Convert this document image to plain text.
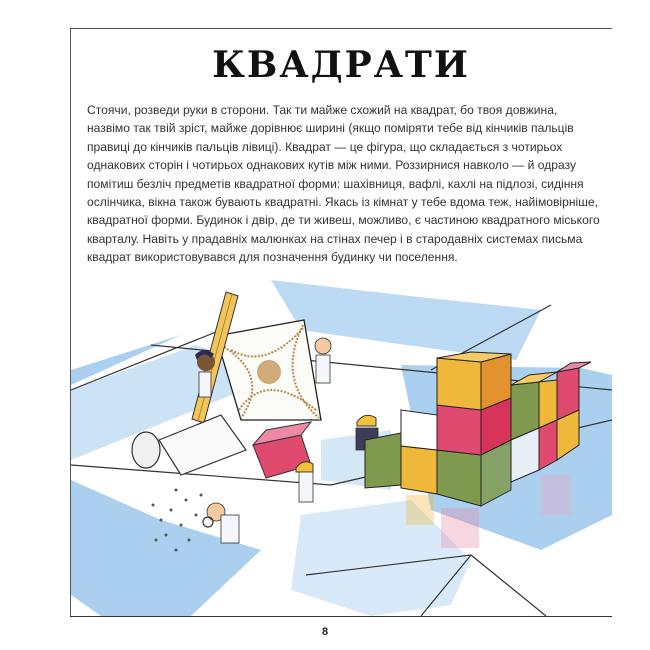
КВАДРАТИ

Стоячи, розведи руки в сторони. Так ти майже схожий на квадрат, бо твоя довжина,
назвімо так твій зріст, майже дорівнює ширині (якщо поміряти тебе від кінчиків пальців
правиці до кінчиків пальців лівиці). Квадрат — це фігура, що складається з чотирьох
однакових сторін і чотирьох однакових кутів між ними. Роззирнися навколо — й одразу
помітиш безліч предметів квадратної форми: шахівниця, вафлі, кахлі на підлозі, сидіння
ослінчика, вікна також бувають квадратні. Якась із кімнат у тебе вдома теж, найімовірніше,
квадратної форми. Будинок і двір, де ти живеш, можливо, є частиною квадратного міського
кварталу. Навіть у прадавніх малюнках на стінах печер і в стародавніх системах письма
квадрат використовувався для позначення будинку чи поселення.

8
